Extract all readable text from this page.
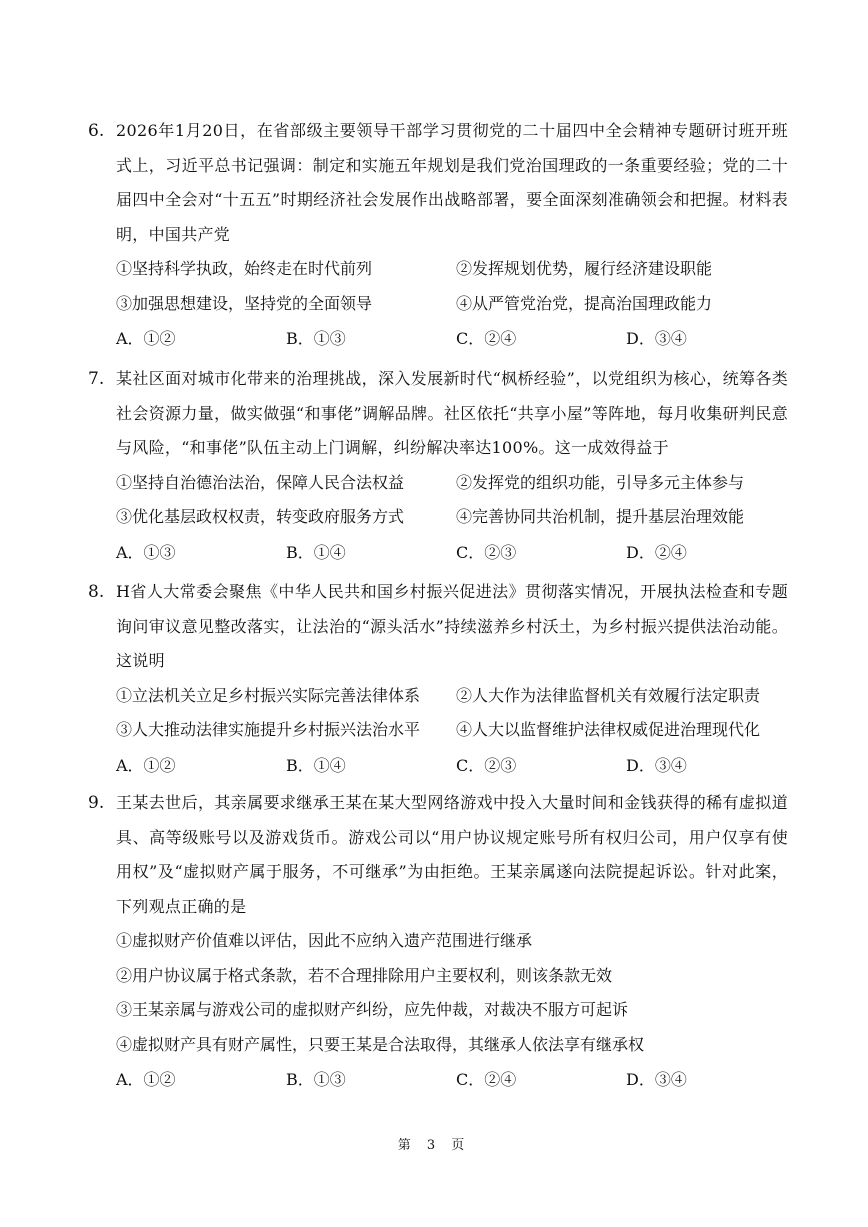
6. 2026年1月20日，在省部级主要领导干部学习贯彻党的二十届四中全会精神专题研讨班开班式上，习近平总书记强调：制定和实施五年规划是我们党治国理政的一条重要经验；党的二十届四中全会对“十五五”时期经济社会发展作出战略部署，要全面深刻准确领会和把握。材料表明，中国共产党

①坚持科学执政，始终走在时代前列	②发挥规划优势，履行经济建设职能
③加强思想建设，坚持党的全面领导	④从严管党治党，提高治国理政能力
A．①②	B．①③	C．②④	D．③④
7. 某社区面对城市化带来的治理挑战，深入发展新时代“枫桥经验”，以党组织为核心，统筹各类社会资源力量，做实做强“和事佬”调解品牌。社区依托“共享小屋”等阵地，每月收集研判民意与风险，“和事佬”队伍主动上门调解，纠纷解决率达100%。这一成效得益于

①坚持自治德治法治，保障人民合法权益	②发挥党的组织功能，引导多元主体参与
③优化基层政权权责，转变政府服务方式	④完善协同共治机制，提升基层治理效能
A．①③	B．①④	C．②③	D．②④
8. H省人大常委会聚焦《中华人民共和国乡村振兴促进法》贯彻落实情况，开展执法检查和专题询问审议意见整改落实，让法治的“源头活水”持续滋养乡村沃土，为乡村振兴提供法治动能。这说明

①立法机关立足乡村振兴实际完善法律体系	②人大作为法律监督机关有效履行法定职责
③人大推动法律实施提升乡村振兴法治水平	④人大以监督维护法律权威促进治理现代化
A．①②	B．①④	C．②③	D．③④
9. 王某去世后，其亲属要求继承王某在某大型网络游戏中投入大量时间和金钱获得的稀有虚拟道具、高等级账号以及游戏货币。游戏公司以“用户协议规定账号所有权归公司，用户仅享有使用权”及“虚拟财产属于服务，不可继承”为由拒绝。王某亲属遂向法院提起诉讼。针对此案，下列观点正确的是

①虚拟财产价值难以评估，因此不应纳入遗产范围进行继承
②用户协议属于格式条款，若不合理排除用户主要权利，则该条款无效
③王某亲属与游戏公司的虚拟财产纠纷，应先仲裁，对裁决不服方可起诉
④虚拟财产具有财产属性，只要王某是合法取得，其继承人依法享有继承权
A．①②	B．①③	C．②④	D．③④
第 3 页
